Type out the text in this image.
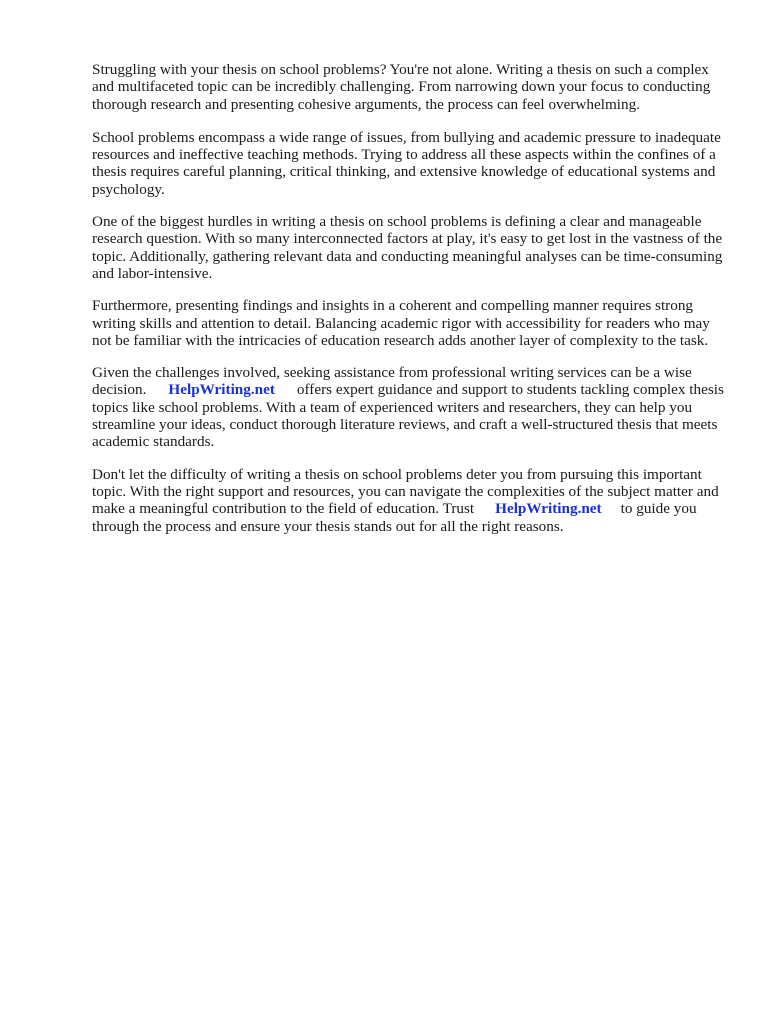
Struggling with your thesis on school problems? You're not alone. Writing a thesis on such a complex and multifaceted topic can be incredibly challenging. From narrowing down your focus to conducting thorough research and presenting cohesive arguments, the process can feel overwhelming.

School problems encompass a wide range of issues, from bullying and academic pressure to inadequate resources and ineffective teaching methods. Trying to address all these aspects within the confines of a thesis requires careful planning, critical thinking, and extensive knowledge of educational systems and psychology.

One of the biggest hurdles in writing a thesis on school problems is defining a clear and manageable research question. With so many interconnected factors at play, it's easy to get lost in the vastness of the topic. Additionally, gathering relevant data and conducting meaningful analyses can be time-consuming and labor-intensive.

Furthermore, presenting findings and insights in a coherent and compelling manner requires strong writing skills and attention to detail. Balancing academic rigor with accessibility for readers who may not be familiar with the intricacies of education research adds another layer of complexity to the task.

Given the challenges involved, seeking assistance from professional writing services can be a wise decision. HelpWriting.net offers expert guidance and support to students tackling complex thesis topics like school problems. With a team of experienced writers and researchers, they can help you streamline your ideas, conduct thorough literature reviews, and craft a well-structured thesis that meets academic standards.

Don't let the difficulty of writing a thesis on school problems deter you from pursuing this important topic. With the right support and resources, you can navigate the complexities of the subject matter and make a meaningful contribution to the field of education. Trust HelpWriting.net to guide you through the process and ensure your thesis stands out for all the right reasons.
